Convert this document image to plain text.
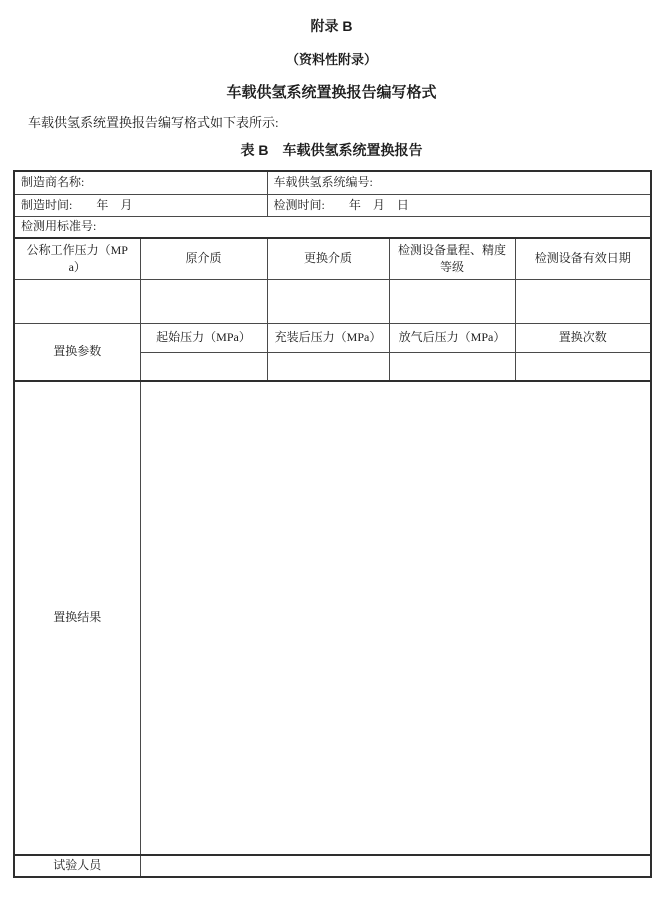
附录 B

（资料性附录）

车载供氢系统置换报告编写格式

车载供氢系统置换报告编写格式如下表所示:

表 B　车载供氢系统置换报告

制造商名称:		车载供氢系统编号:		
制造时间:　　年　月		检测时间:　　年　月　日		
检测用标准号:				
公称工作压力（MPa）	原介质	更换介质	检测设备量程、精度等级	检测设备有效日期

置换参数	起始压力（MPa）	充装后压力（MPa）	放气后压力（MPa）	置换次数

置换结果				
试验人员				
